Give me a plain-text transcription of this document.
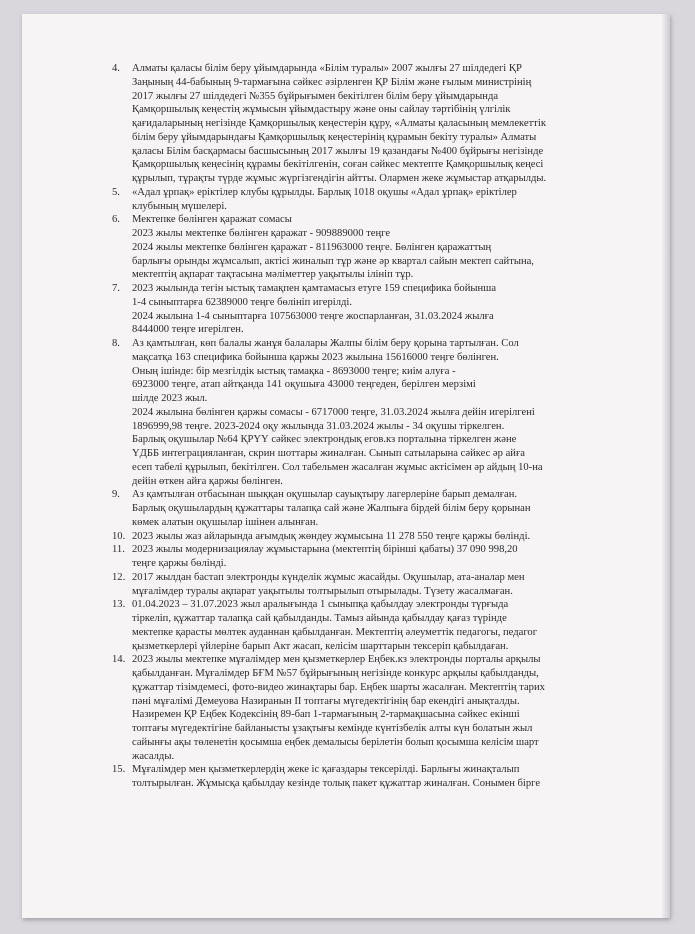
4. Алматы қаласы білім беру ұйымдарында «Білім туралы» 2007 жылғы 27 шілдедегі ҚР
Заңының 44-бабының 9-тармағына сәйкес әзірленген ҚР Білім және ғылым министрінің
2017 жылғы 27 шілдедегі №355 бұйрығымен бекітілген білім беру ұйымдарында
Қамқоршылық кеңестің жұмысын ұйымдастыру және оны сайлау тәртібінің үлгілік
қағидаларының негізінде Қамқоршылық кеңестерін құру, «Алматы қаласының мемлекеттік
білім беру ұйымдарындағы Қамқоршылық кеңестерінің құрамын бекіту туралы» Алматы
қаласы Білім басқармасы басшысының 2017 жылғы 19 қазандағы №400 бұйрығы негізінде
Қамқоршылық кеңесінің құрамы бекітілгенін, соған сәйкес мектепте Қамқоршылық кеңесі
құрылып, тұрақты түрде жұмыс жүргізгендігін айтты. Олармен жеке жұмыстар атқарылды.
5. «Адал ұрпақ» еріктілер клубы құрылды. Барлық 1018 оқушы «Адал ұрпақ» еріктілер
клубының мүшелері.
6. Мектепке бөлінген қаражат сомасы
2023 жылы мектепке бөлінген қаражат - 909889000 теңге
2024 жылы мектепке бөлінген қаражат - 811963000 теңге. Бөлінген қаражаттың
барлығы орынды жұмсалып, актісі жиналып тұр және әр квартал сайын мектеп сайтына,
мектептің ақпарат тақтасына мәліметтер уақытылы ілініп тұр.
7. 2023 жылында тегін ыстық тамақпен қамтамасыз етуге 159 спецификa бойынша
1-4 сыныптарға 62389000 теңге бөлініп игерілді.
2024 жылына 1-4 сыныптарға 107563000 теңге жоспарланған, 31.03.2024 жылға
8444000 теңге игерілген.
8. Аз қамтылған, көп балалы жанұя балалары Жалпы білім беру қорына тартылған. Сол
мақсатқа 163 спецификa бойынша қаржы 2023 жылына 15616000 теңге бөлінген.
Оның ішінде: бір мезгілдік ыстық тамақка - 8693000 теңге; киім алуға -
6923000 теңге, атап айтқанда 141 оқушыға 43000 теңгеден, берілген мерзімі
шілде 2023 жыл.
2024 жылына бөлінген қаржы сомасы - 6717000 теңге, 31.03.2024 жылға дейін игерілгені
1896999,98 теңге. 2023-2024 оқу жылында 31.03.2024 жылы - 34 оқушы тіркелген.
Барлық оқушылар №64 ҚРҮҮ сәйкес электрондық егов.кз порталына тіркелген және
ҮДББ интеграцияланған, скрин шоттары жиналған. Сынып сатыларына сәйкес әр айға
есеп табелі құрылып, бекітілген. Сол табельмен жасалған жұмыс актісімен әр айдың 10-на
дейін өткен айға қаржы бөлінген.
9. Аз қамтылған отбасынан шыққан оқушылар сауықтыру лагерлеріне барып демалған.
Барлық оқушылардың құжаттары талапқа сай және Жалпыға бірдей білім беру қорынан
көмек алатын оқушылар ішінен алынған.
10. 2023 жылы жаз айларында ағымдық жөндеу жұмысына 11 278 550 теңге қаржы бөлінді.
11. 2023 жылы модернизациялау жұмыстарына (мектептің бірінші қабаты) 37 090 998,20
теңге қаржы бөлінді.
12. 2017 жылдан бастап электронды күнделік жұмыс жасайды. Оқушылар, ата-аналар мен
мұғалімдер туралы ақпарат уақытылы толтырылып отырылады. Түзету жасалмаған.
13. 01.04.2023 – 31.07.2023 жыл аралығында 1 сыныпқа қабылдау электронды түрғыда
тіркеліп, құжаттар талапқа сай қабылданды. Тамыз айында қабылдау қағаз түрінде
мектепке қарасты мөлтек ауданнан қабылданған. Мектептің әлеуметтік педагогы, педагог
қызметкерлері үйлеріне барып Акт жасап, келісім шарттарын тексеріп қабылдаған.
14. 2023 жылы мектепке мұғалімдер мен қызметкерлер Еңбек.кз электронды порталы арқылы
қабылданған. Мұғалімдер БҒМ №57 бұйрығының негізінде конкурс арқылы қабылданды,
құжаттар тізімдемесі, фото-видео жинақтары бар. Еңбек шарты жасалған. Мектептің тарих
пәні мұғалімі Демеуова Назиранын II топтағы мүгедектігінің бар екендігі анықталды.
Назиремен ҚР Еңбек Кодексінің 89-бап 1-тармағының 2-тармақшасына сәйкес екінші
топтағы мүгедектігіне байланысты ұзақтығы кемінде күнтізбелік алты күн болатын жыл
сайынғы ақы төленетін қосымша еңбек демалысы берілетін болып қосымша келісім шарт
жасалды.
15. Мұғалімдер мен қызметкерлердің жеке іс қағаздары тексерілді. Барлығы жинақталып
толтырылған. Жұмысқа қабылдау кезінде толық пакет құжаттар жиналған. Сонымен бірге
